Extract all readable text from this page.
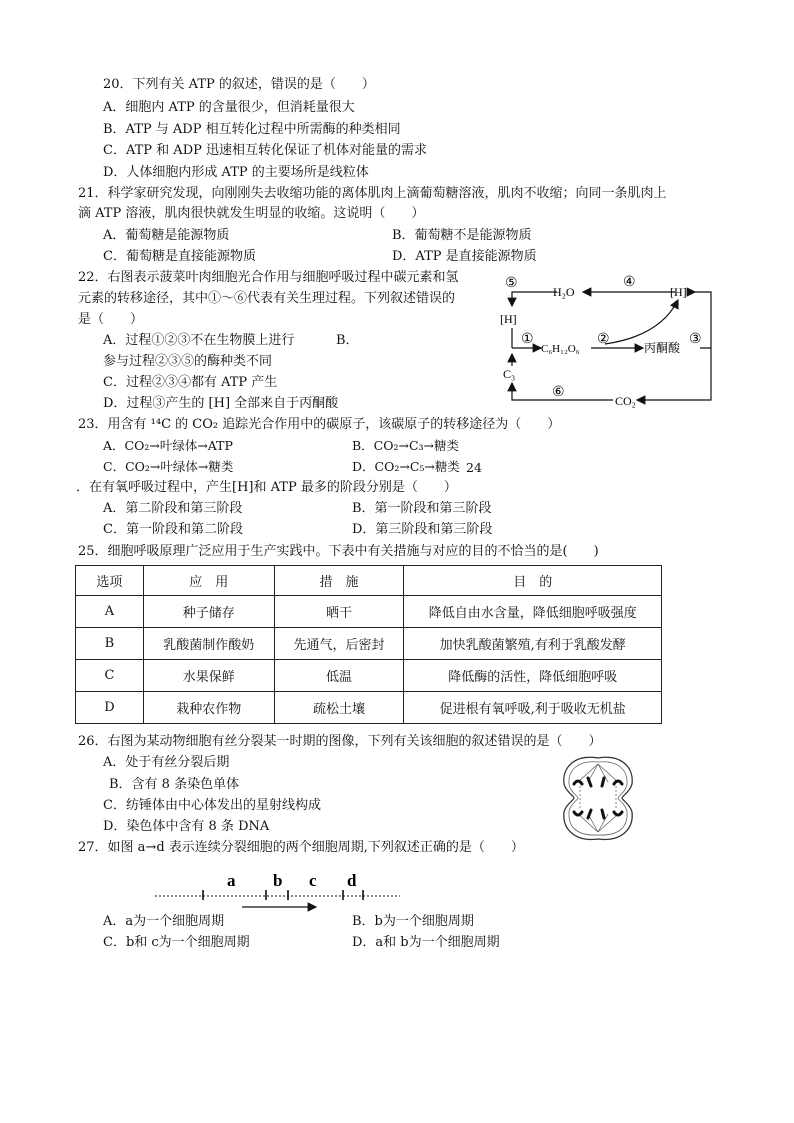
20．下列有关 ATP 的叙述，错误的是（　　）
A．细胞内 ATP 的含量很少，但消耗量很大
B．ATP 与 ADP 相互转化过程中所需酶的种类相同
C．ATP 和 ADP 迅速相互转化保证了机体对能量的需求
D．人体细胞内形成 ATP 的主要场所是线粒体
21．科学家研究发现，向刚刚失去收缩功能的离体肌肉上滴葡萄糖溶液，肌肉不收缩；向同一条肌肉上
滴 ATP 溶液，肌肉很快就发生明显的收缩。这说明（　　）
A．葡萄糖是能源物质	B．葡萄糖不是能源物质
C．葡萄糖是直接能源物质	D．ATP 是直接能源物质
22．右图表示菠菜叶肉细胞光合作用与细胞呼吸过程中碳元素和氢
元素的转移途径，其中①～⑥代表有关生理过程。下列叙述错误的
是（　　）
A．过程①②③不在生物膜上进行	B．
参与过程②③⑤的酶种类不同
C．过程②③④都有 ATP 产生
D．过程③产生的 [H] 全部来自于丙酮酸
④
⑤
H₂O	[H]
[H]
①
C₆H₁₂O₆
②
丙酮酸
③
C₃
⑥
CO₂
23．用含有 ¹⁴C 的 CO₂ 追踪光合作用中的碳原子，该碳原子的转移途径为（　　）
A．CO₂→叶绿体→ATP	B．CO₂→C₃→糖类
C．CO₂→叶绿体→糖类	D．CO₂→C₅→糖类 24
．在有氧呼吸过程中，产生[H]和 ATP 最多的阶段分别是（　　）
A．第二阶段和第三阶段	B．第一阶段和第三阶段
C．第一阶段和第二阶段	D．第三阶段和第三阶段
25．细胞呼吸原理广泛应用于生产实践中。下表中有关措施与对应的目的不恰当的是(　　)
选项	应　用	措　施	目　的
A	种子储存	晒干	降低自由水含量，降低细胞呼吸强度
B	乳酸菌制作酸奶	先通气，后密封	加快乳酸菌繁殖,有利于乳酸发酵
C	水果保鲜	低温	降低酶的活性，降低细胞呼吸
D	栽种农作物	疏松土壤	促进根有氧呼吸,利于吸收无机盐
26．右图为某动物细胞有丝分裂某一时期的图像，下列有关该细胞的叙述错误的是（　　）
A．处于有丝分裂后期
B．含有 8 条染色单体
C．纺锤体由中心体发出的星射线构成
D．染色体中含有 8 条 DNA
27．如图 a→d 表示连续分裂细胞的两个细胞周期,下列叙述正确的是（　　）
a b c d
A．a为一个细胞周期	B．b为一个细胞周期
C．b和 c为一个细胞周期	D．a和 b为一个细胞周期
